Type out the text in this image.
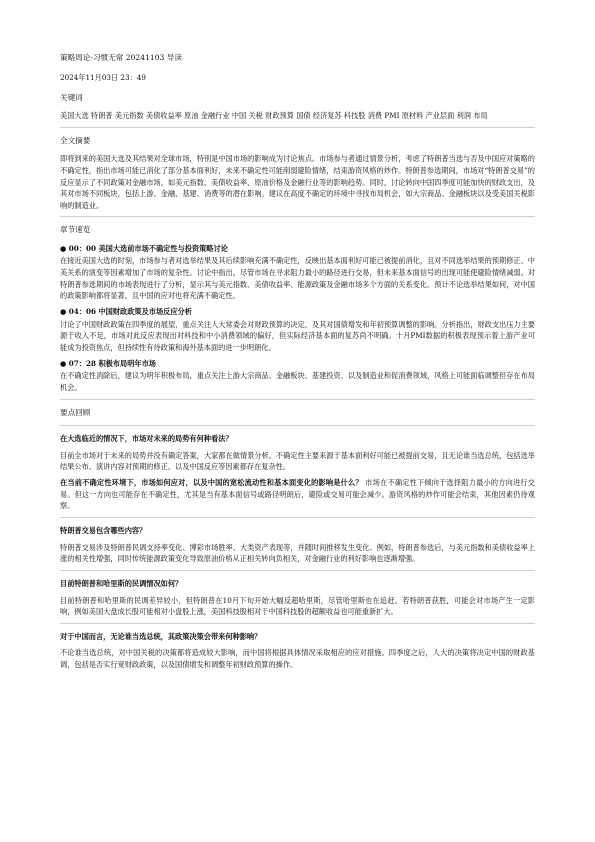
策略周论-习惯无常 20241103 导读
2024年11月03日 23：49
关键词
美国大选 特朗普 美元指数 美债收益率 原油 金融行业 中国 关税 财政预算 国债 经济复苏 科技股 消费 PMI 原材料 产业层面 利润 布局
全文摘要
即将到来的美国大选及其结果对全球市场，特别是中国市场的影响成为讨论焦点。市场参与者通过情景分析，考虑了特朗普当选与否及中国应对策略的不确定性，指出市场可能已消化了部分基本面利好，未来不确定性可能削弱避险情绪，结束游资风格的炒作。特朗普参选期间，市场对“特朗普交易”的反应显示了不同政策对金融市场，如美元指数、美债收益率、原油价格及金融行业等的影响趋势。同时，讨论转向中国四季度可能加快的财政支出，及其对市场不同板块，包括上游、金融、基建、消费等的潜在影响。建议在高度不确定的环境中寻找布局机会，如大宗商品、金融板块以及受美国关税影响的制造业。
章节速览
● 00：00 美国大选前市场不确定性与投资策略讨论
在接近美国大选的时刻，市场参与者对选举结果及其后续影响充满不确定性，反映出基本面利好可能已被提前消化，且对不同选举结果的预期修正、中美关系的演变等因素增加了市场的复杂性。讨论中指出，尽管市场在寻求阻力最小的路径进行交易，但未来基本面信号的出现可能使避险情绪减弱。对特朗普参选期间的市场表现进行了分析，显示其与美元指数、美债收益率、能源政策及金融市场多个方面的关系变化。预计不论选举结果如何，对中国的政策影响都将显著，且中国的应对也将充满不确定性。
● 04：06 中国财政政策及市场反应分析
讨论了中国财政政策在四季度的展望，重点关注人大常委会对财政预算的决定，及其对国债增发和年初预算调整的影响。分析指出，财政支出压力主要源于收入不足，市场对此反应表现出对科技和中小消费领域的偏好，但实际经济基本面的复苏尚不明确。十月PMI数据的积极表现预示着上游产业可能成为投资焦点，但持续性有待政策和海外基本面的进一步明朗化。
● 07：28 积极布局明年市场
在不确定性消除后，建议为明年积极布局，重点关注上游大宗商品、金融板块、基建投资、以及制造业和促消费领域，风格上可能面临调整但存在布局机会。
要点回顾
在大选临近的情况下，市场对未来的局势有何种看法？
目前全市场对于未来的局势并没有确定答案，大家都在做情景分析。不确定性主要来源于基本面利好可能已被提前交易，且无论谁当选总统，包括选举结果公布、演讲内容对预期的修正，以及中国反应等因素都存在复杂性。
在当前不确定性环境下，市场如何应对，以及中国的宽松流动性和基本面变化的影响是什么？ 市场在不确定性下倾向于选择阻力最小的方向进行交易。但这一方向也可能存在不确定性，尤其是当有基本面信号或路径明朗后，避险或交易可能会减少。游资风格的炒作可能会结束，其他因素仍待观察。
特朗普交易包含哪些内容？
特朗普交易涉及特朗普民调支持率变化、博彩市场胜率、大类资产表现等，并随时间推移发生变化。例如，特朗普参选后，与美元指数和美债收益率上涨的相关性增强，同时传统能源政策变化导致原油价格从正相关转向负相关，对金融行业的利好影响也逐渐增强。
目前特朗普和哈里斯的民调情况如何？
目前特朗普和哈里斯的民调差异较小，但特朗普在10月下旬开始大幅反超哈里斯，尽管哈里斯也在追赶。若特朗普获胜，可能会对市场产生一定影响，例如美国大盘成长股可能相对小盘股上涨，美国科技股相对于中国科技股的超额收益也可能重新扩大。
对于中国而言，无论谁当选总统，其政策决策会带来何种影响？
不论谁当选总统，对中国关税的决策都将造成较大影响，而中国将根据具体情况采取相应的应对措施。四季度之后，人大的决策将决定中国的财政基调，包括是否实行宽财政政策，以及国债增发和调整年初财政预算的操作。
